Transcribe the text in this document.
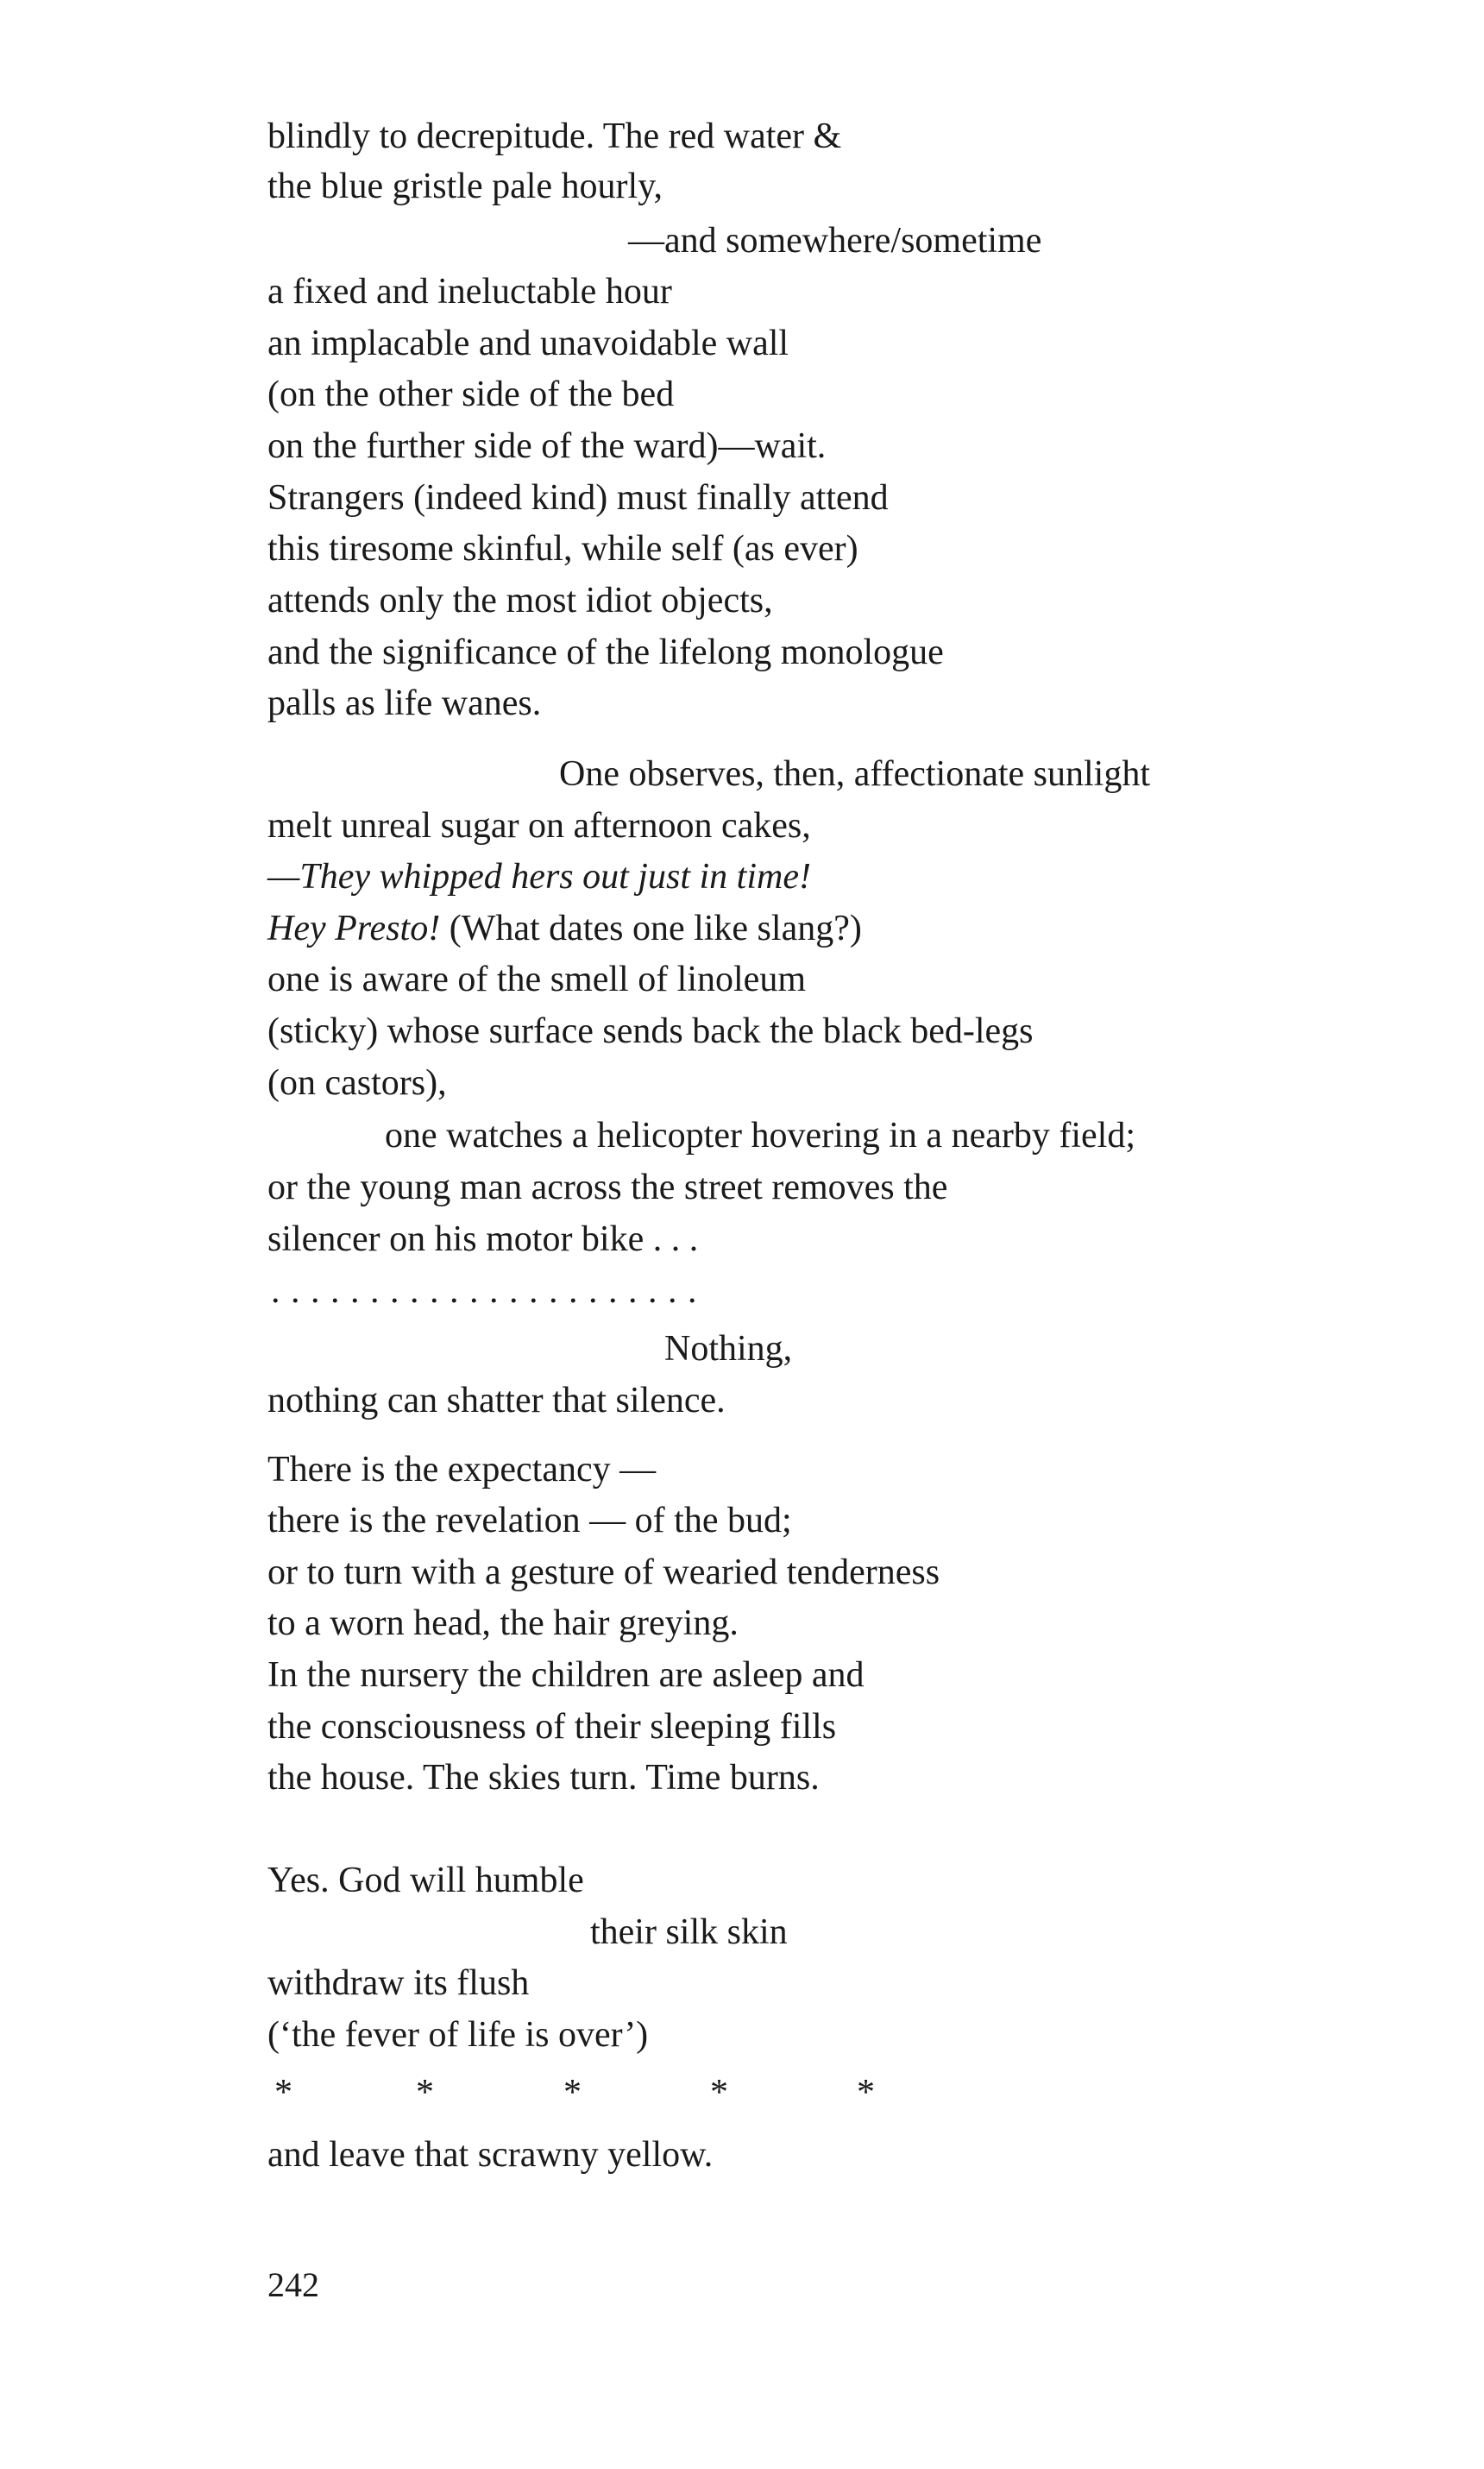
blindly to decrepitude. The red water &

the blue gristle pale hourly,

—and somewhere/sometime

a fixed and ineluctable hour

an implacable and unavoidable wall

(on the other side of the bed

on the further side of the ward)—wait.

Strangers (indeed kind) must finally attend

this tiresome skinful, while self (as ever)

attends only the most idiot objects,

and the significance of the lifelong monologue

palls as life wanes.

One observes, then, affectionate sunlight

melt unreal sugar on afternoon cakes,

—They whipped hers out just in time!

Hey Presto! (What dates one like slang?)

one is aware of the smell of linoleum

(sticky) whose surface sends back the black bed-legs

(on castors),

one watches a helicopter hovering in a nearby field;

or the young man across the street removes the

silencer on his motor bike . . .

. . . . . . . . . . . . . . . . . . . . . .

Nothing,

nothing can shatter that silence.

There is the expectancy —

there is the revelation — of the bud;

or to turn with a gesture of wearied tenderness

to a worn head, the hair greying.

In the nursery the children are asleep and

the consciousness of their sleeping fills

the house. The skies turn. Time burns.

Yes. God will humble

their silk skin

withdraw its flush

(‘the fever of life is over’)

*	*	*	*	*

and leave that scrawny yellow.

242
